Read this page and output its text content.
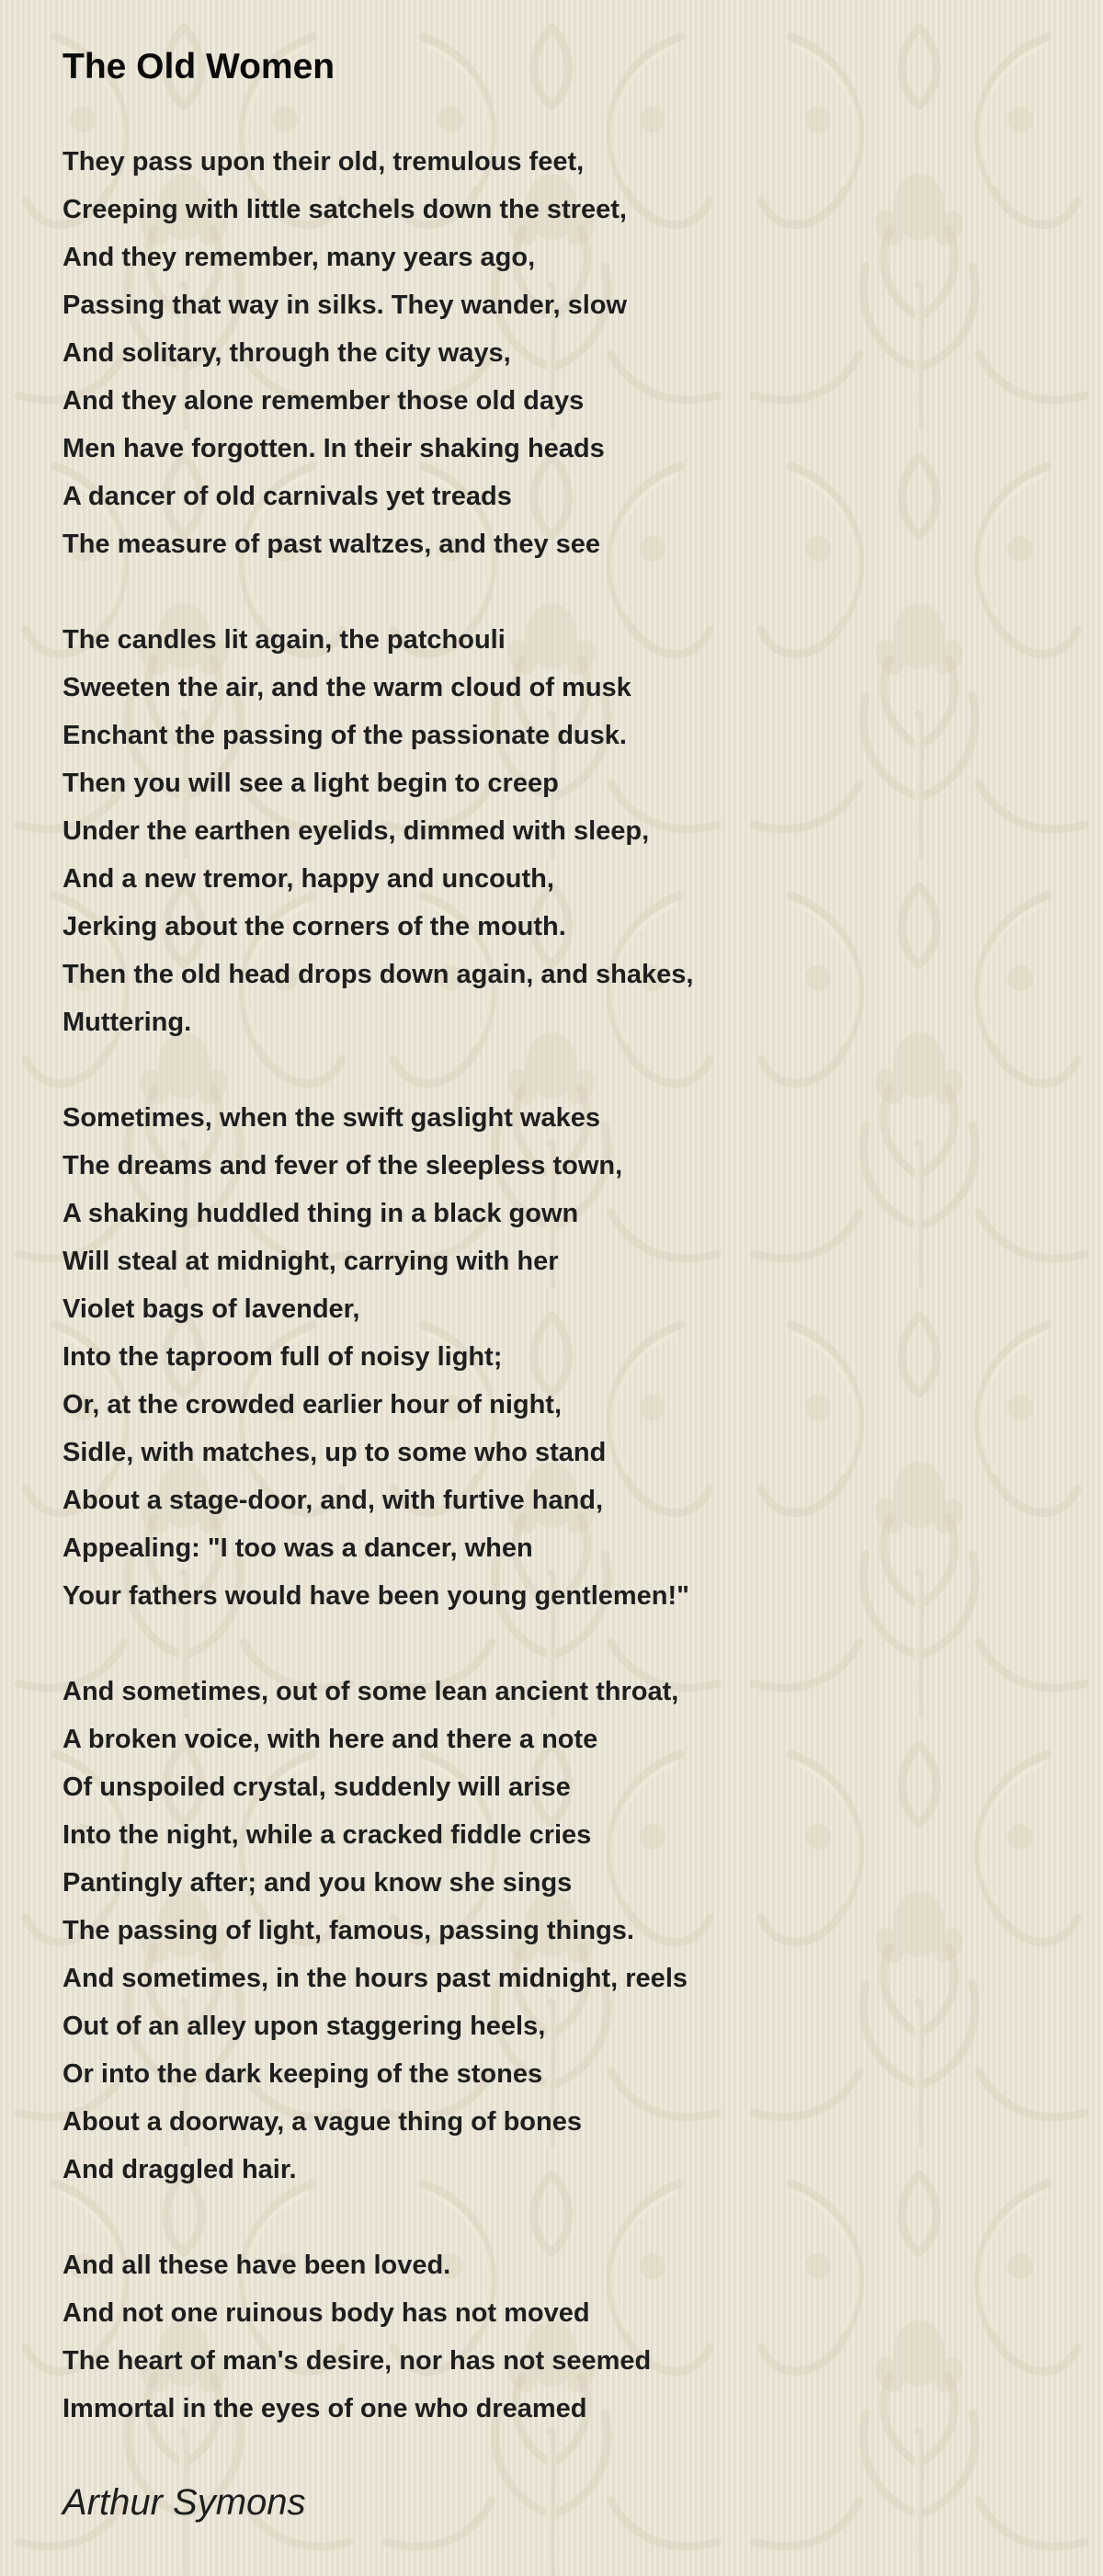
The Old Women

They pass upon their old, tremulous feet,
Creeping with little satchels down the street,
And they remember, many years ago,
Passing that way in silks. They wander, slow
And solitary, through the city ways,
And they alone remember those old days
Men have forgotten. In their shaking heads
A dancer of old carnivals yet treads
The measure of past waltzes, and they see

The candles lit again, the patchouli
Sweeten the air, and the warm cloud of musk
Enchant the passing of the passionate dusk.
Then you will see a light begin to creep
Under the earthen eyelids, dimmed with sleep,
And a new tremor, happy and uncouth,
Jerking about the corners of the mouth.
Then the old head drops down again, and shakes,
Muttering.

Sometimes, when the swift gaslight wakes
The dreams and fever of the sleepless town,
A shaking huddled thing in a black gown
Will steal at midnight, carrying with her
Violet bags of lavender,
Into the taproom full of noisy light;
Or, at the crowded earlier hour of night,
Sidle, with matches, up to some who stand
About a stage-door, and, with furtive hand,
Appealing: "I too was a dancer, when
Your fathers would have been young gentlemen!"

And sometimes, out of some lean ancient throat,
A broken voice, with here and there a note
Of unspoiled crystal, suddenly will arise
Into the night, while a cracked fiddle cries
Pantingly after; and you know she sings
The passing of light, famous, passing things.
And sometimes, in the hours past midnight, reels
Out of an alley upon staggering heels,
Or into the dark keeping of the stones
About a doorway, a vague thing of bones
And draggled hair.

And all these have been loved.
And not one ruinous body has not moved
The heart of man's desire, nor has not seemed
Immortal in the eyes of one who dreamed

Arthur Symons
